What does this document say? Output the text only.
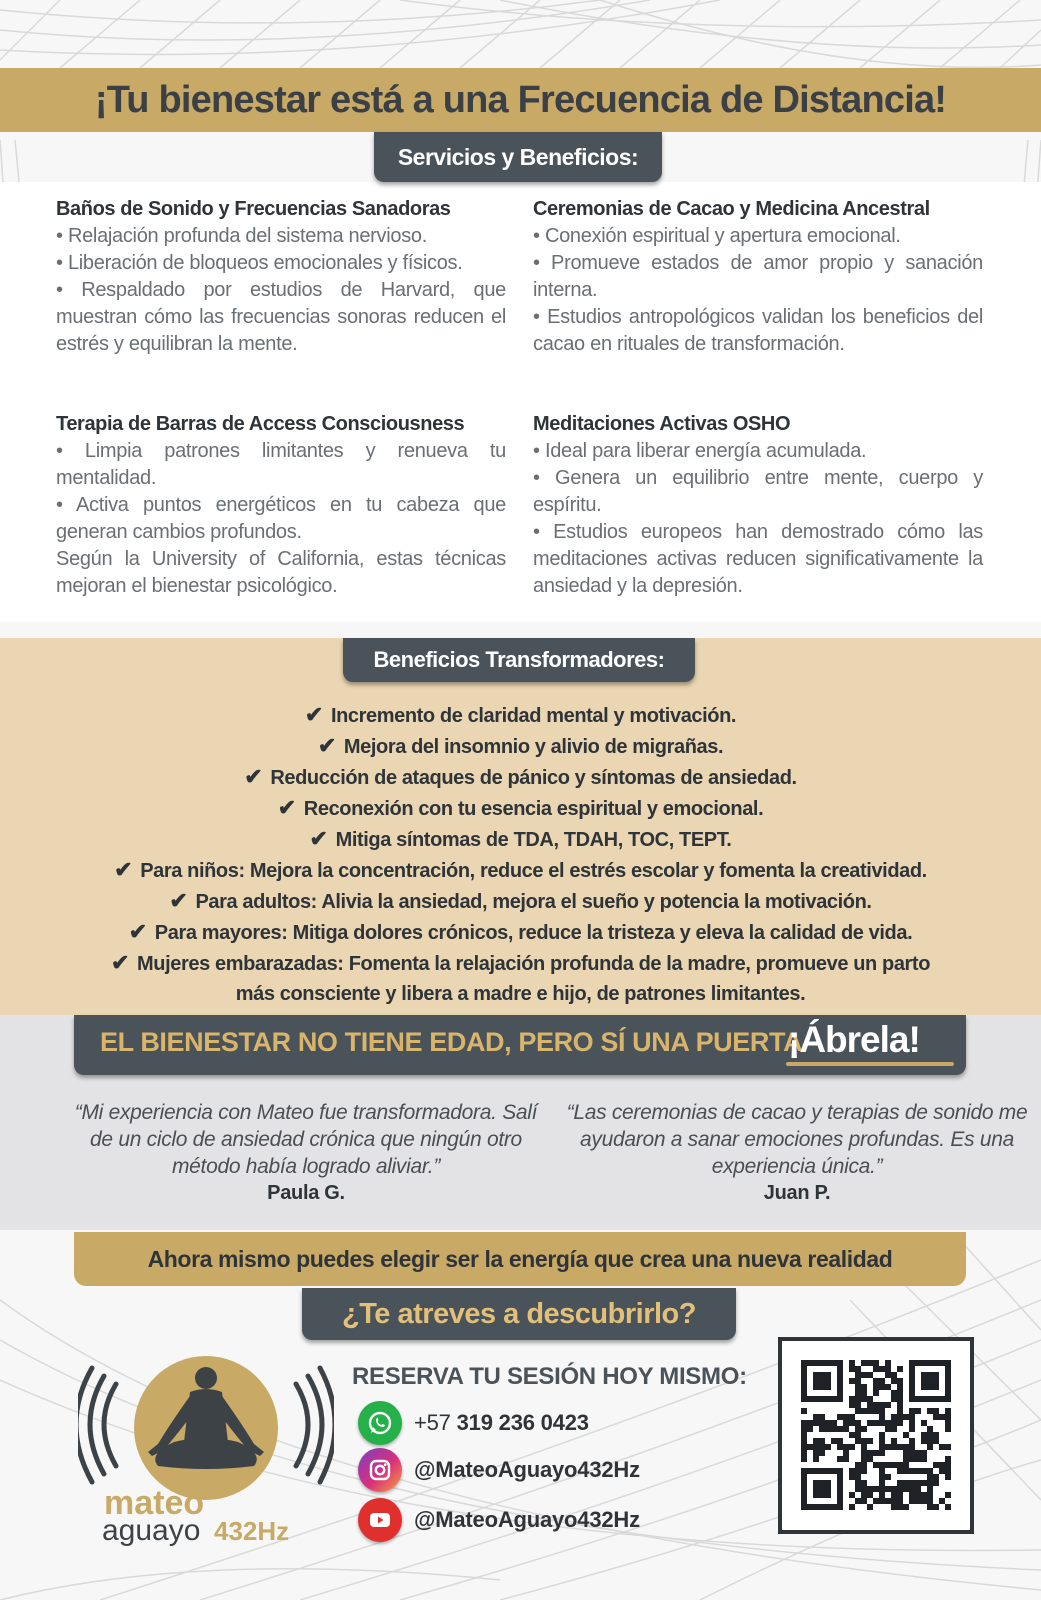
¡Tu bienestar está a una Frecuencia de Distancia!
Servicios y Beneficios:
Baños de Sonido y Frecuencias Sanadoras

• Relajación profunda del sistema nervioso.

• Liberación de bloqueos emocionales y físicos.

• Respaldado por estudios de Harvard, que muestran cómo las frecuencias sonoras reducen el estrés y equilibran la mente.

Ceremonias de Cacao y Medicina Ancestral

• Conexión espiritual y apertura emocional.

• Promueve estados de amor propio y sanación interna.

• Estudios antropológicos validan los beneficios del cacao en rituales de transformación.

Terapia de Barras de Access Consciousness

• Limpia patrones limitantes y renueva tu mentalidad.

• Activa puntos energéticos en tu cabeza que generan cambios profundos.

Según la University of California, estas técnicas mejoran el bienestar psicológico.

Meditaciones Activas OSHO

• Ideal para liberar energía acumulada.

• Genera un equilibrio entre mente, cuerpo y espíritu.

• Estudios europeos han demostrado cómo las meditaciones activas reducen significativamente la ansiedad y la depresión.

Beneficios Transformadores:
✔ Incremento de claridad mental y motivación.
✔ Mejora del insomnio y alivio de migrañas.
✔ Reducción de ataques de pánico y síntomas de ansiedad.
✔ Reconexión con tu esencia espiritual y emocional.
✔ Mitiga síntomas de TDA, TDAH, TOC, TEPT.
✔ Para niños: Mejora la concentración, reduce el estrés escolar y fomenta la creatividad.
✔ Para adultos: Alivia la ansiedad, mejora el sueño y potencia la motivación.
✔ Para mayores: Mitiga dolores crónicos, reduce la tristeza y eleva la calidad de vida.
✔ Mujeres embarazadas: Fomenta la relajación profunda de la madre, promueve un parto
más consciente y libera a madre e hijo, de patrones limitantes.
EL BIENESTAR NO TIENE EDAD, PERO SÍ UNA PUERTA
¡Ábrela!

“Mi experiencia con Mateo fue transformadora. Salí de un ciclo de ansiedad crónica que ningún otro método había logrado aliviar.”

Paula G.

“Las ceremonias de cacao y terapias de sonido me ayudaron a sanar emociones profundas. Es una experiencia única.”

Juan P.

Ahora mismo puedes elegir ser la energía que crea una nueva realidad
¿Te atreves a descubrirlo?
mateo
aguayo 432Hz
RESERVA TU SESIÓN HOY MISMO:
+57 319 236 0423
@MateoAguayo432Hz
@MateoAguayo432Hz
